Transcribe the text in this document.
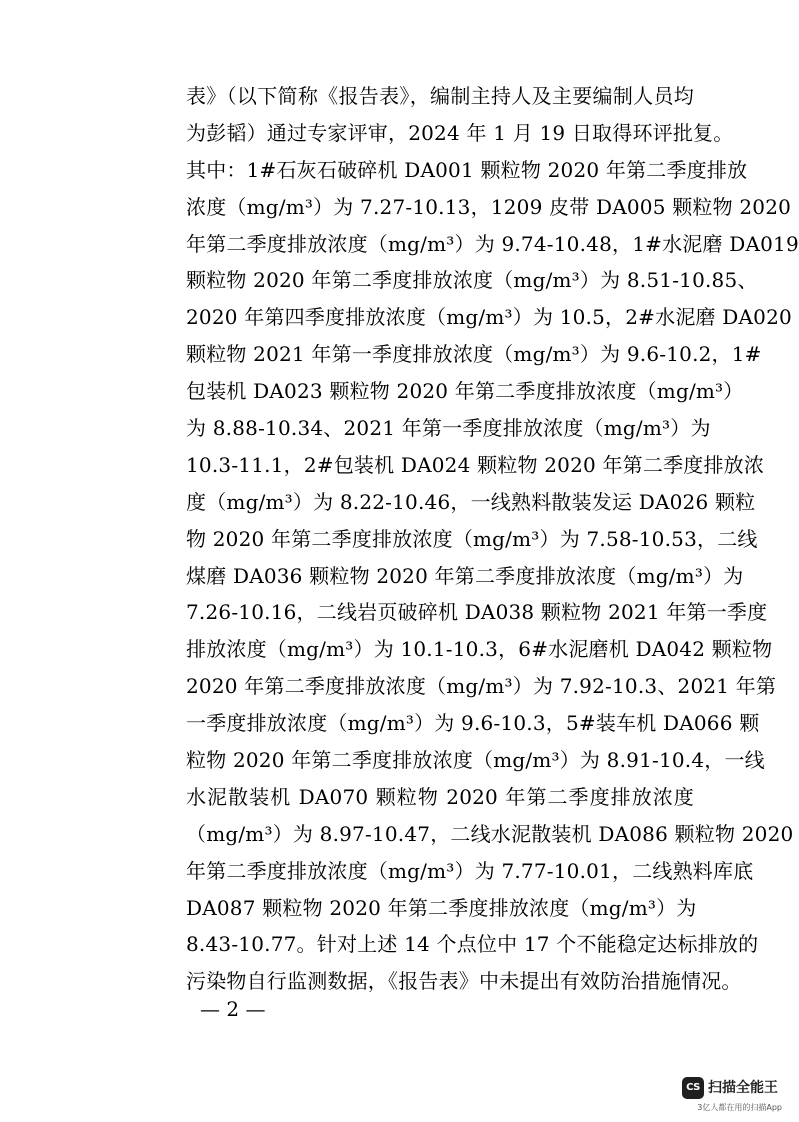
表》（以下简称《报告表》，编制主持人及主要编制人员均
为彭韬）通过专家评审，2024 年 1 月 19 日取得环评批复。
其中：1#石灰石破碎机 DA001 颗粒物 2020 年第二季度排放
浓度（mg/m³）为 7.27-10.13，1209 皮带 DA005 颗粒物 2020
年第二季度排放浓度（mg/m³）为 9.74-10.48，1#水泥磨 DA019
颗粒物 2020 年第二季度排放浓度（mg/m³）为 8.51-10.85、
2020 年第四季度排放浓度（mg/m³）为 10.5，2#水泥磨 DA020
颗粒物 2021 年第一季度排放浓度（mg/m³）为 9.6-10.2，1#
包装机 DA023 颗粒物 2020 年第二季度排放浓度（mg/m³）
为 8.88-10.34、2021 年第一季度排放浓度（mg/m³）为
10.3-11.1，2#包装机 DA024 颗粒物 2020 年第二季度排放浓
度（mg/m³）为 8.22-10.46，一线熟料散装发运 DA026 颗粒
物 2020 年第二季度排放浓度（mg/m³）为 7.58-10.53，二线
煤磨 DA036 颗粒物 2020 年第二季度排放浓度（mg/m³）为
7.26-10.16，二线岩页破碎机 DA038 颗粒物 2021 年第一季度
排放浓度（mg/m³）为 10.1-10.3，6#水泥磨机 DA042 颗粒物
2020 年第二季度排放浓度（mg/m³）为 7.92-10.3、2021 年第
一季度排放浓度（mg/m³）为 9.6-10.3，5#装车机 DA066 颗
粒物 2020 年第二季度排放浓度（mg/m³）为 8.91-10.4，一线
水泥散装机 DA070 颗粒物 2020 年第二季度排放浓度
（mg/m³）为 8.97-10.47，二线水泥散装机 DA086 颗粒物 2020
年第二季度排放浓度（mg/m³）为 7.77-10.01，二线熟料库底
DA087 颗粒物 2020 年第二季度排放浓度（mg/m³）为
8.43-10.77。针对上述 14 个点位中 17 个不能稳定达标排放的
污染物自行监测数据，《报告表》中未提出有效防治措施情况。
— 2 —
CS 扫描全能王
3亿人都在用的扫描App
